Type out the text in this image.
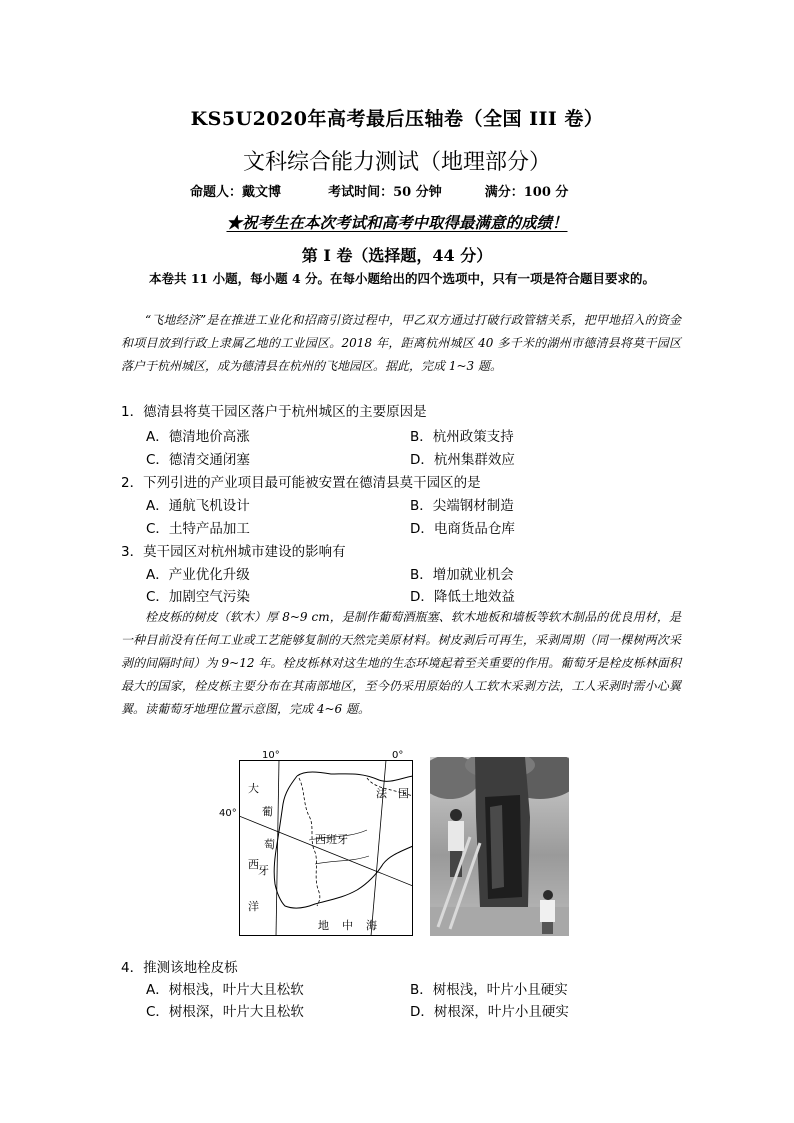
KS5U2020年高考最后压轴卷（全国 III 卷）
文科综合能力测试（地理部分）
命题人：戴文博	考试时间：50 分钟	满分：100 分
★祝考生在本次考试和高考中取得最满意的成绩！
第 I 卷（选择题，44 分）
本卷共 11 小题，每小题 4 分。在每小题给出的四个选项中，只有一项是符合题目要求的。
“飞地经济”是在推进工业化和招商引资过程中，甲乙双方通过打破行政管辖关系，把甲地招入的资金和项目放到行政上隶属乙地的工业园区。2018 年，距离杭州城区 40 多千米的湖州市德清县将莫干园区落户于杭州城区，成为德清县在杭州的飞地园区。据此，完成 1~3 题。
1．德清县将莫干园区落户于杭州城区的主要原因是
A．德清地价高涨	B．杭州政策支持
C．德清交通闭塞	D．杭州集群效应
2．下列引进的产业项目最可能被安置在德清县莫干园区的是
A．通航飞机设计	B．尖端钢材制造
C．土特产品加工	D．电商货品仓库
3．莫干园区对杭州城市建设的影响有
A．产业优化升级	B．增加就业机会
C．加剧空气污染	D．降低土地效益
栓皮栎的树皮（软木）厚 8~9 cm，是制作葡萄酒瓶塞、软木地板和墙板等软木制品的优良用材，是一种目前没有任何工业或工艺能够复制的天然完美原材料。树皮剥后可再生，采剥周期（同一棵树两次采剥的间隔时间）为 9~12 年。栓皮栎林对这生地的生态环境起着至关重要的作用。葡萄牙是栓皮栎林面积最大的国家，栓皮栎主要分布在其南部地区，至今仍采用原始的人工软木采剥方法，工人采剥时需小心翼翼。读葡萄牙地理位置示意图，完成 4~6 题。
10°	0°
40°
大
西
洋
葡
萄
牙
西班牙
法 国
地 中 海
4．推测该地栓皮栎
A．树根浅，叶片大且松软	B．树根浅，叶片小且硬实
C．树根深，叶片大且松软	D．树根深，叶片小且硬实
